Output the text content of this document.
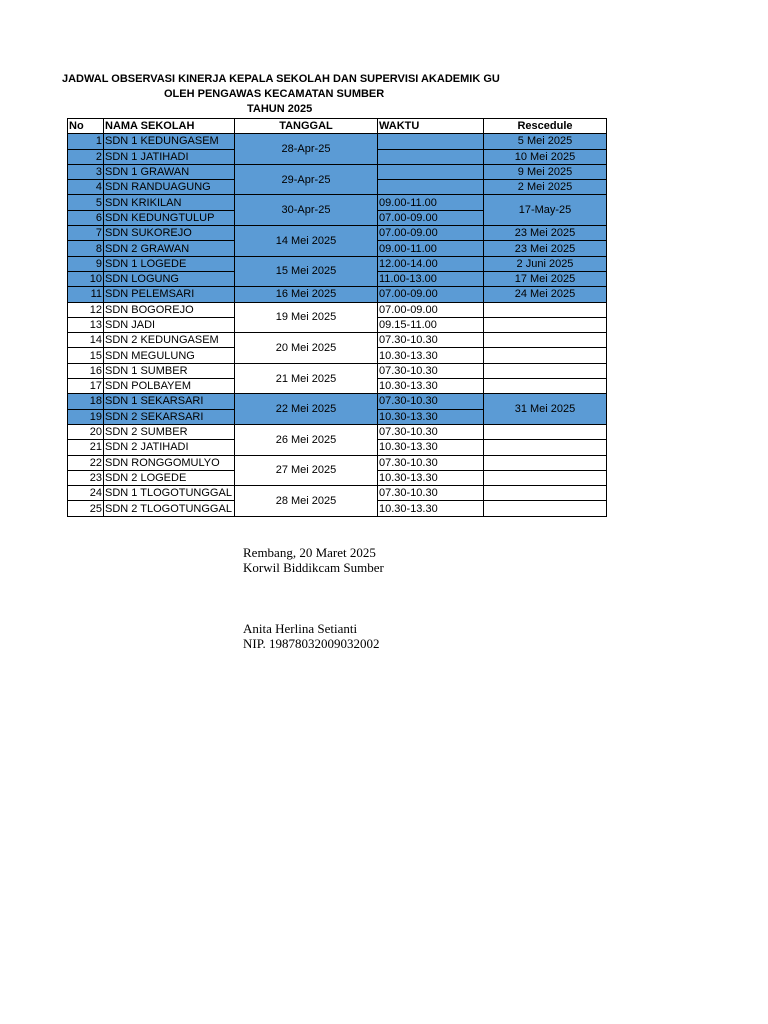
JADWAL OBSERVASI KINERJA KEPALA SEKOLAH DAN SUPERVISI AKADEMIK GU
OLEH PENGAWAS KECAMATAN SUMBER
TAHUN 2025
No	NAMA SEKOLAH	TANGGAL	WAKTU	Rescedule
1	SDN 1 KEDUNGASEM	28-Apr-25		5 Mei 2025
2	SDN 1 JATIHADI			10 Mei 2025
3	SDN 1 GRAWAN	29-Apr-25		9 Mei 2025
4	SDN RANDUAGUNG			2 Mei 2025
5	SDN KRIKILAN	30-Apr-25	09.00-11.00	17-May-25
6	SDN KEDUNGTULUP		07.00-09.00	
7	SDN SUKOREJO	14 Mei 2025	07.00-09.00	23 Mei 2025
8	SDN 2 GRAWAN		09.00-11.00	23 Mei 2025
9	SDN 1 LOGEDE	15 Mei 2025	12.00-14.00	2 Juni 2025
10	SDN LOGUNG		11.00-13.00	17 Mei 2025
11	SDN PELEMSARI	16 Mei 2025	07.00-09.00	24 Mei 2025
12	SDN BOGOREJO	19 Mei 2025	07.00-09.00	
13	SDN JADI		09.15-11.00	
14	SDN 2 KEDUNGASEM	20 Mei 2025	07.30-10.30	
15	SDN MEGULUNG		10.30-13.30	
16	SDN 1 SUMBER	21 Mei 2025	07.30-10.30	
17	SDN POLBAYEM		10.30-13.30	
18	SDN 1 SEKARSARI	22 Mei 2025	07.30-10.30	31 Mei 2025
19	SDN 2 SEKARSARI		10.30-13.30	
20	SDN 2 SUMBER	26 Mei 2025	07.30-10.30	
21	SDN 2 JATIHADI		10.30-13.30	
22	SDN RONGGOMULYO	27 Mei 2025	07.30-10.30	
23	SDN 2 LOGEDE		10.30-13.30	
24	SDN 1 TLOGOTUNGGAL	28 Mei 2025	07.30-10.30	
25	SDN 2 TLOGOTUNGGAL		10.30-13.30	
Rembang, 20 Maret 2025
Korwil Biddikcam Sumber
Anita Herlina Setianti
NIP. 19878032009032002
